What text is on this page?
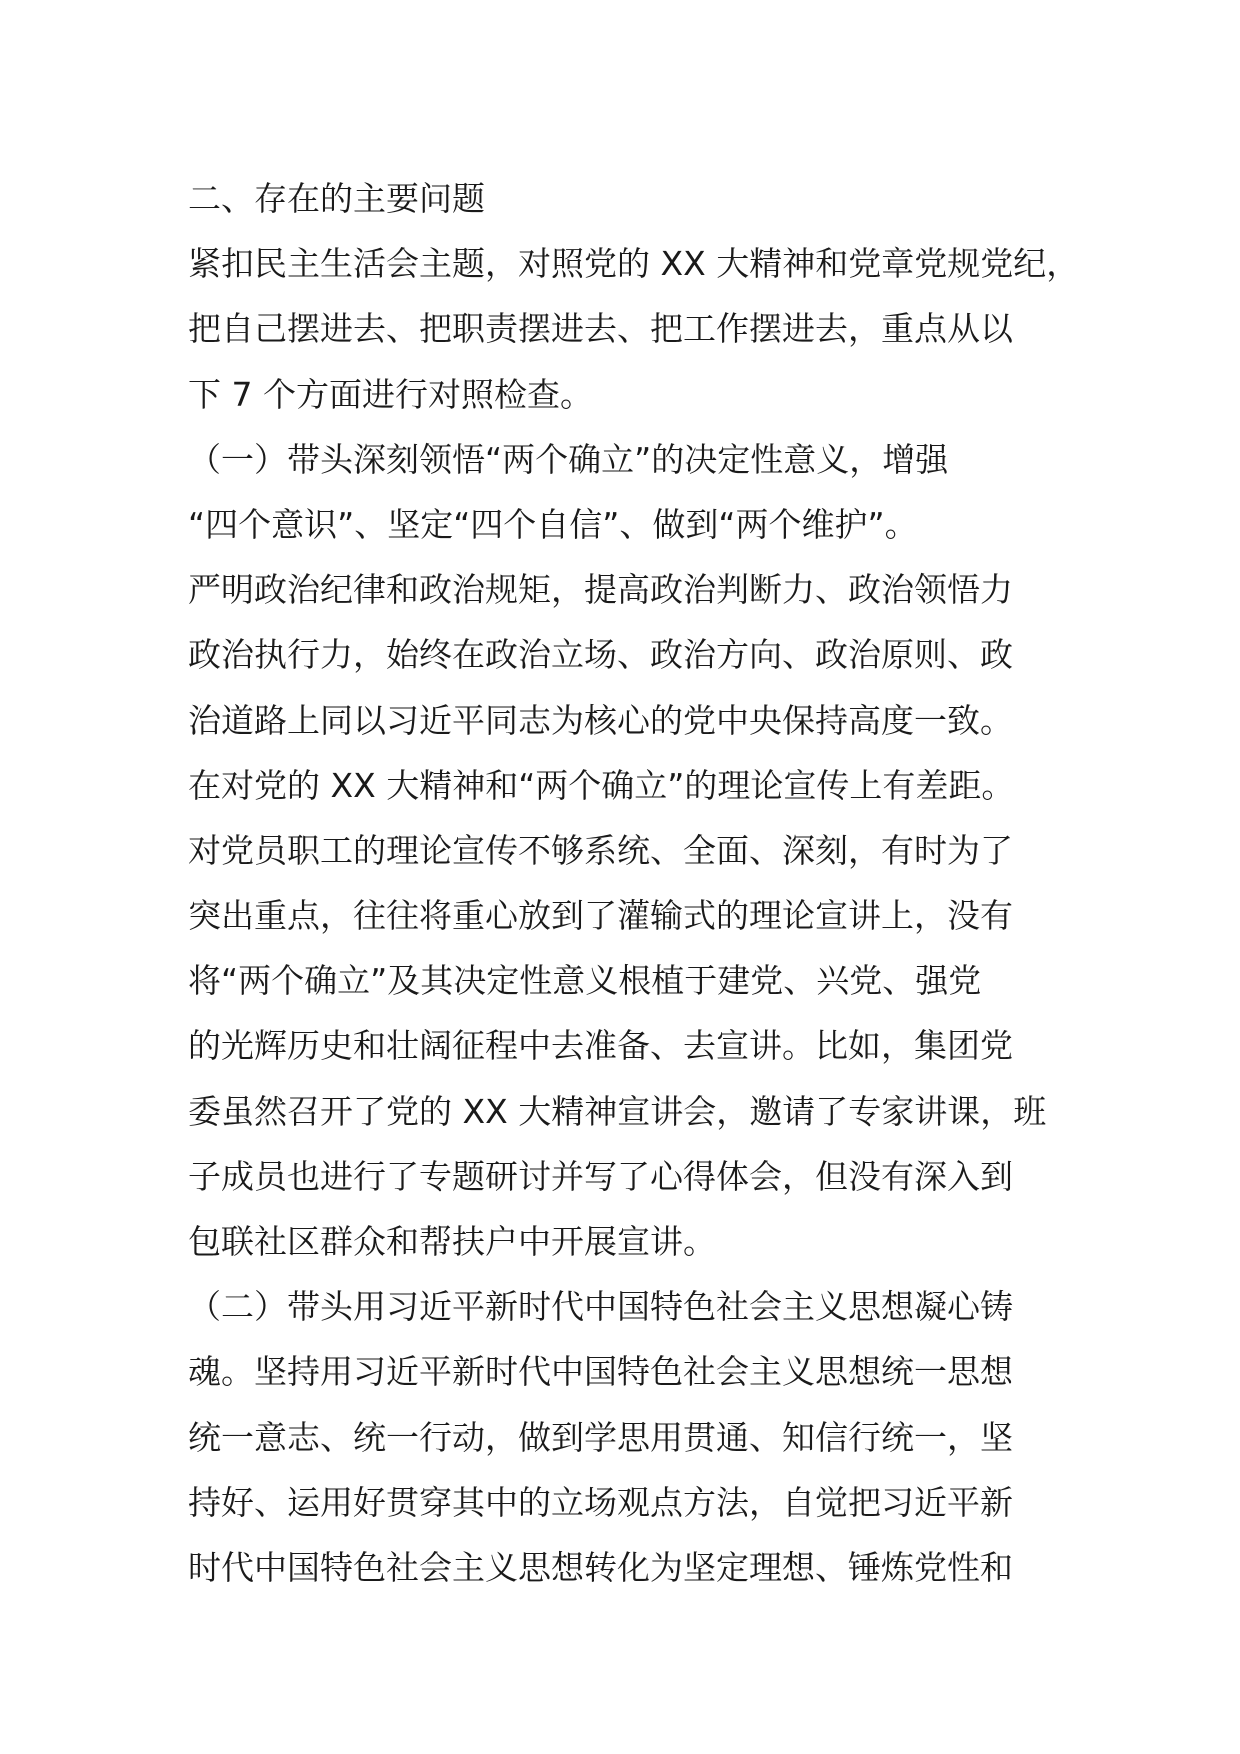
二、存在的主要问题
紧扣民主生活会主题，对照党的 XX 大精神和党章党规党纪，
把自己摆进去、把职责摆进去、把工作摆进去，重点从以
下 7 个方面进行对照检查。
（一）带头深刻领悟“两个确立”的决定性意义，增强
“四个意识”、坚定“四个自信”、做到“两个维护”。
严明政治纪律和政治规矩，提高政治判断力、政治领悟力
政治执行力，始终在政治立场、政治方向、政治原则、政
治道路上同以习近平同志为核心的党中央保持高度一致。
在对党的 XX 大精神和“两个确立”的理论宣传上有差距。
对党员职工的理论宣传不够系统、全面、深刻，有时为了
突出重点，往往将重心放到了灌输式的理论宣讲上，没有
将“两个确立”及其决定性意义根植于建党、兴党、强党
的光辉历史和壮阔征程中去准备、去宣讲。比如，集团党
委虽然召开了党的 XX 大精神宣讲会，邀请了专家讲课，班
子成员也进行了专题研讨并写了心得体会，但没有深入到
包联社区群众和帮扶户中开展宣讲。
（二）带头用习近平新时代中国特色社会主义思想凝心铸
魂。坚持用习近平新时代中国特色社会主义思想统一思想
统一意志、统一行动，做到学思用贯通、知信行统一，坚
持好、运用好贯穿其中的立场观点方法，自觉把习近平新
时代中国特色社会主义思想转化为坚定理想、锤炼党性和
